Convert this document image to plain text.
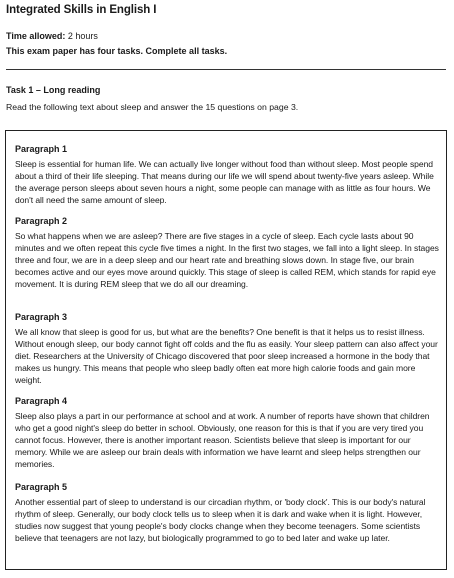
Integrated Skills in English I
Time allowed: 2 hours
This exam paper has four tasks. Complete all tasks.
Task 1 – Long reading
Read the following text about sleep and answer the 15 questions on page 3.
Paragraph 1
Sleep is essential for human life. We can actually live longer without food than without sleep. Most people spend about a third of their life sleeping. That means during our life we will spend about twenty-five years asleep. While the average person sleeps about seven hours a night, some people can manage with as little as four hours. We don't all need the same amount of sleep.
Paragraph 2
So what happens when we are asleep? There are five stages in a cycle of sleep. Each cycle lasts about 90 minutes and we often repeat this cycle five times a night. In the first two stages, we fall into a light sleep. In stages three and four, we are in a deep sleep and our heart rate and breathing slows down. In stage five, our brain becomes active and our eyes move around quickly. This stage of sleep is called REM, which stands for rapid eye movement. It is during REM sleep that we do all our dreaming.
Paragraph 3
We all know that sleep is good for us, but what are the benefits? One benefit is that it helps us to resist illness. Without enough sleep, our body cannot fight off colds and the flu as easily. Your sleep pattern can also affect your diet. Researchers at the University of Chicago discovered that poor sleep increased a hormone in the body that makes us hungry. This means that people who sleep badly often eat more high calorie foods and gain more weight.
Paragraph 4
Sleep also plays a part in our performance at school and at work. A number of reports have shown that children who get a good night's sleep do better in school. Obviously, one reason for this is that if you are very tired you cannot focus. However, there is another important reason. Scientists believe that sleep is important for our memory. While we are asleep our brain deals with information we have learnt and sleep helps strengthen our memories.
Paragraph 5
Another essential part of sleep to understand is our circadian rhythm, or 'body clock'. This is our body's natural rhythm of sleep. Generally, our body clock tells us to sleep when it is dark and wake when it is light. However, studies now suggest that young people's body clocks change when they become teenagers. Some scientists believe that teenagers are not lazy, but biologically programmed to go to bed later and wake up later.
